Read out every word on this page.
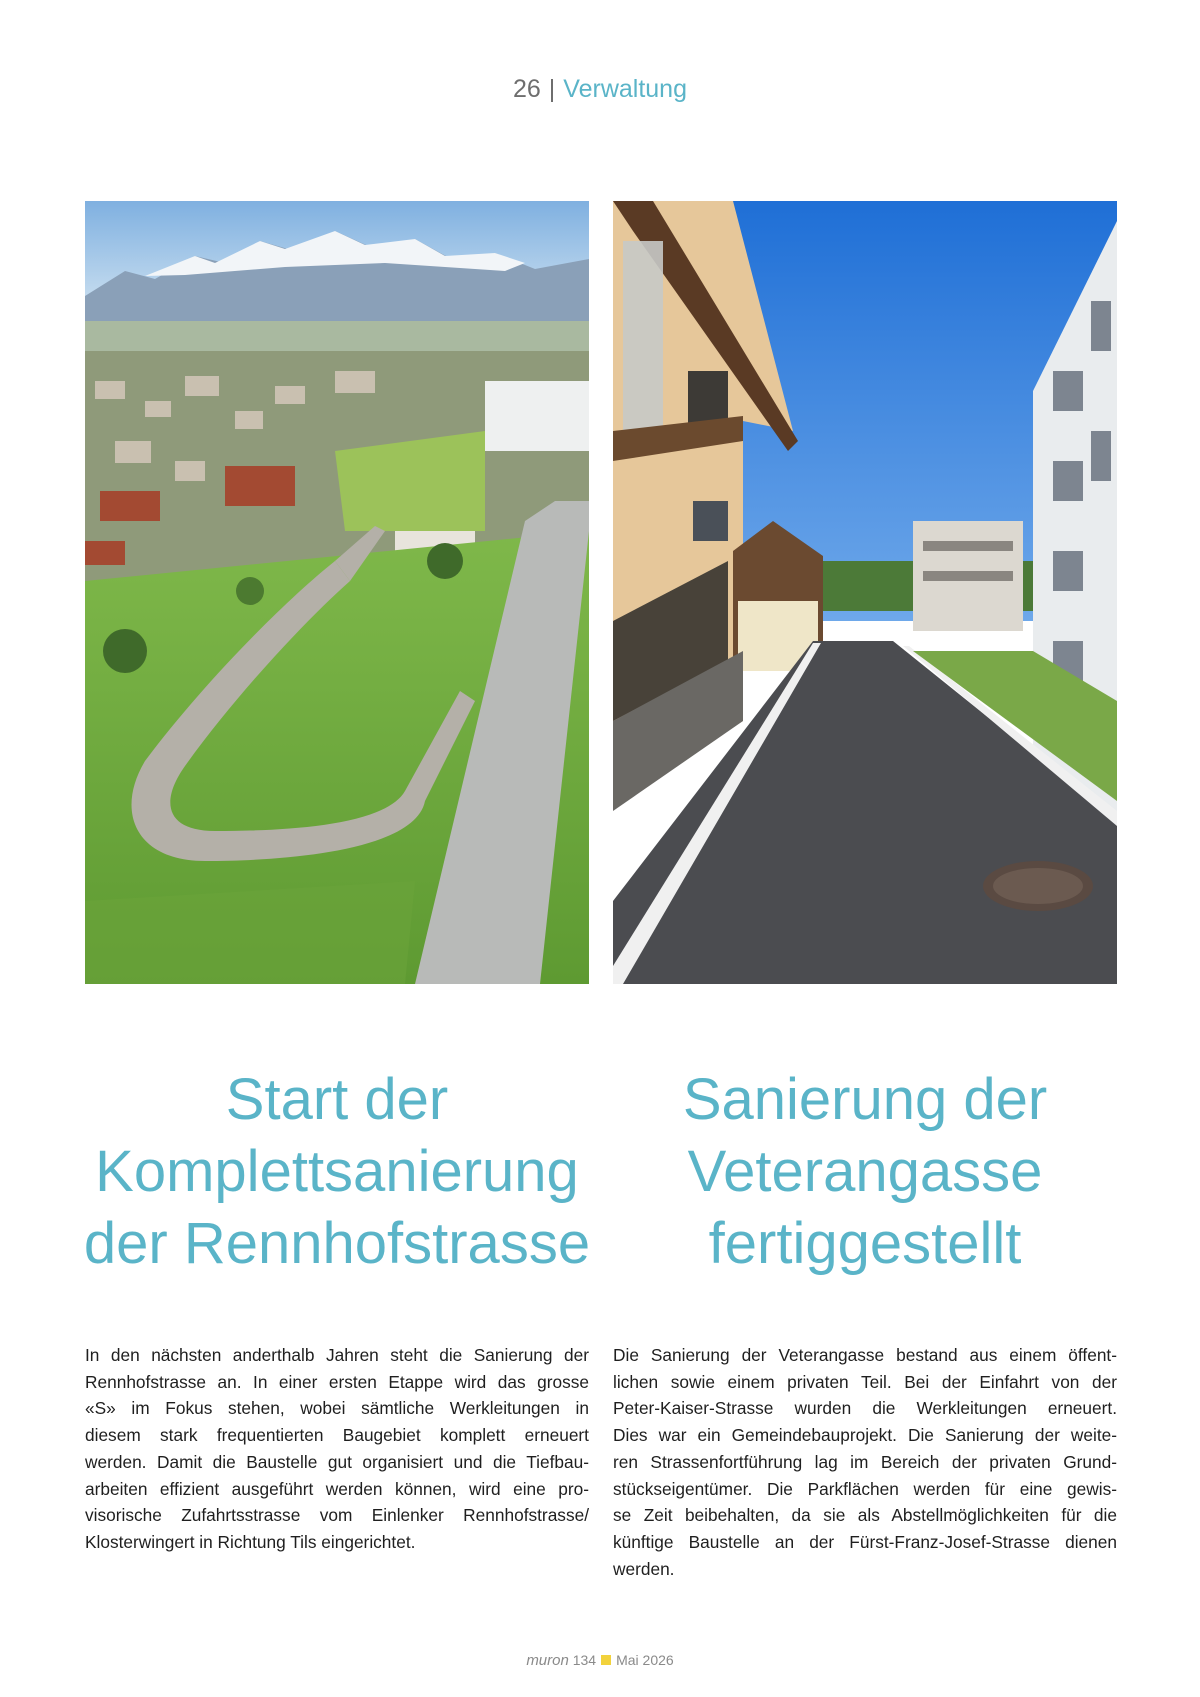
26 | Verwaltung
Start der
Komplettsanierung
der Rennhofstrasse
Sanierung der
Veterangasse
fertiggestellt
In den nächsten anderthalb Jahren steht die Sanierung der
Rennhofstrasse an. In einer ersten Etappe wird das grosse
«S» im Fokus stehen, wobei sämtliche Werkleitungen in
diesem stark frequentierten Baugebiet komplett erneuert
werden. Damit die Baustelle gut organisiert und die Tiefbau-
arbeiten effizient ausgeführt werden können, wird eine pro-
visorische Zufahrtsstrasse vom Einlenker Rennhofstrasse/
Klosterwingert in Richtung Tils eingerichtet.
Die Sanierung der Veterangasse bestand aus einem öffent-
lichen sowie einem privaten Teil. Bei der Einfahrt von der
Peter-Kaiser-Strasse wurden die Werkleitungen erneuert.
Dies war ein Gemeindebauprojekt. Die Sanierung der weite-
ren Strassenfortführung lag im Bereich der privaten Grund-
stückseigentümer. Die Parkflächen werden für eine gewis-
se Zeit beibehalten, da sie als Abstellmöglichkeiten für die
künftige Baustelle an der Fürst-Franz-Josef-Strasse dienen
werden.
muron 134 Mai 2026
